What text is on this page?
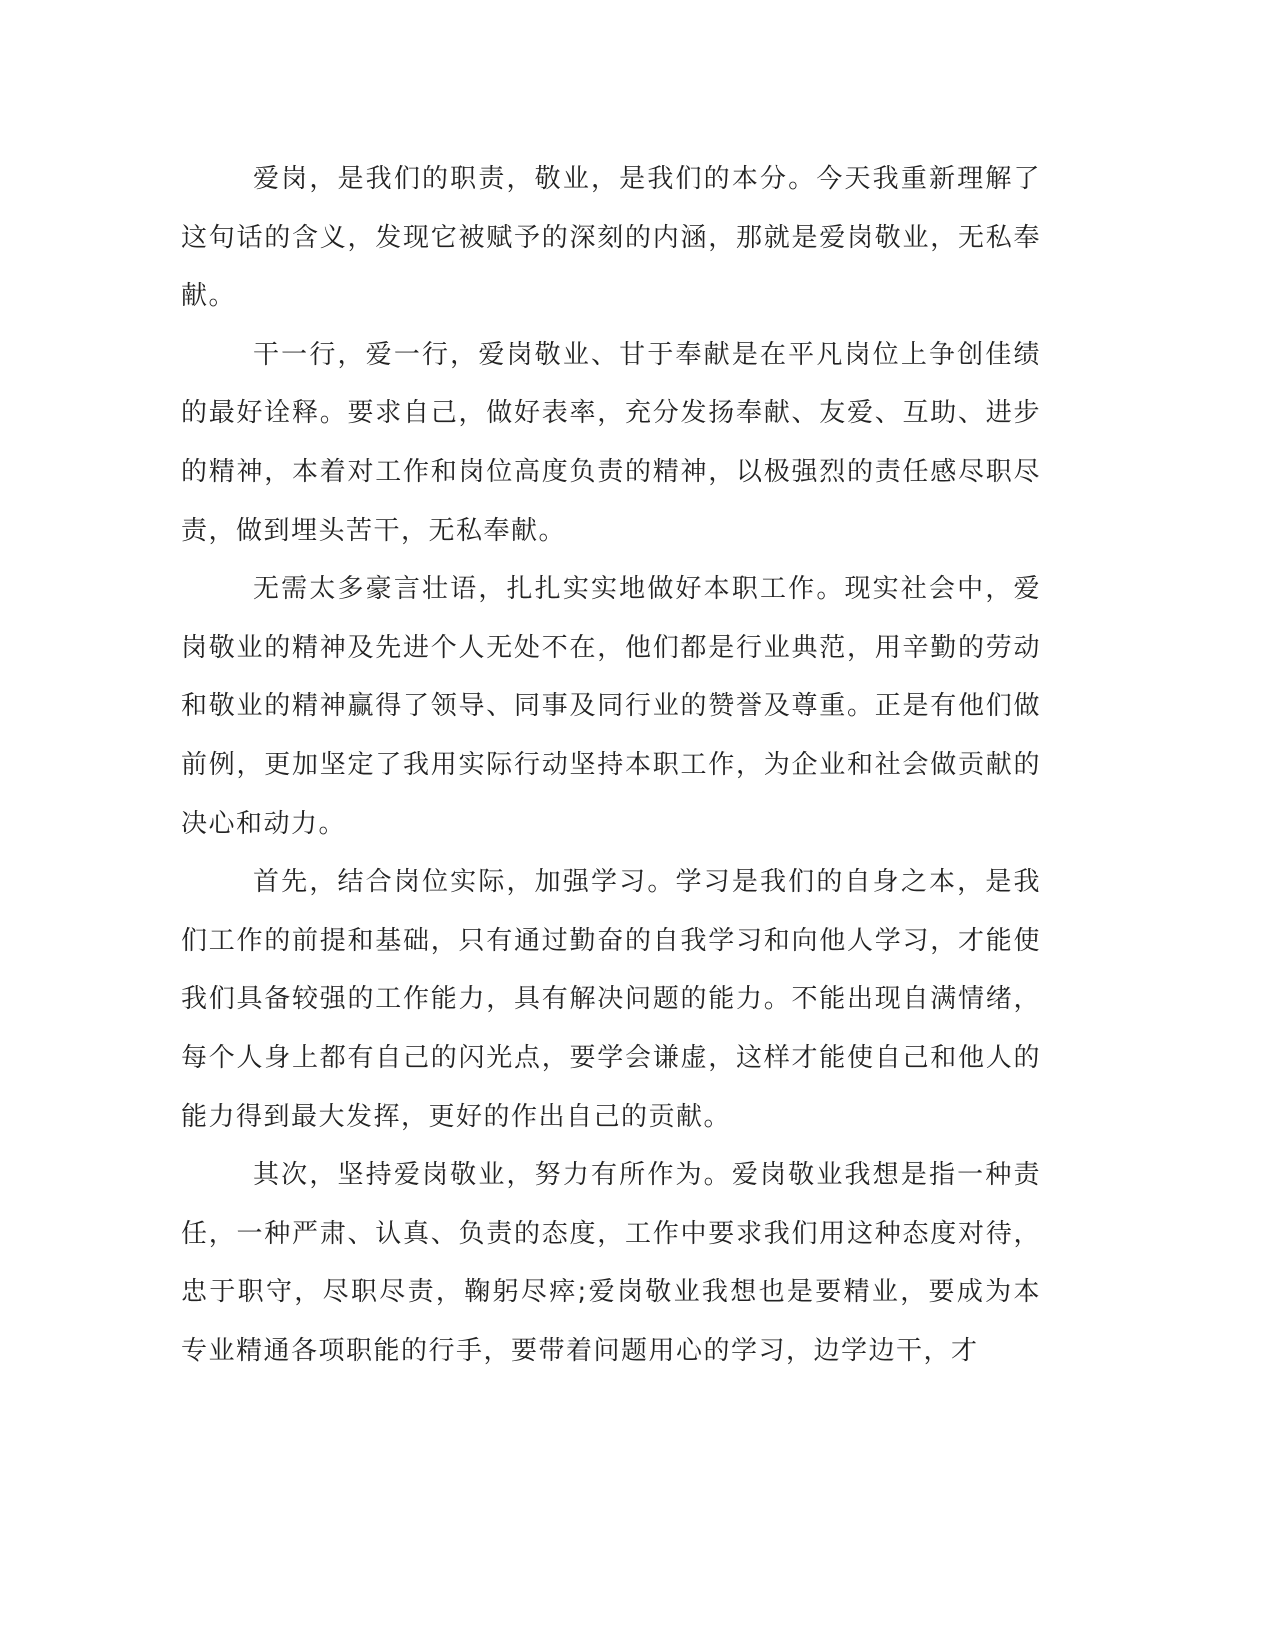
爱岗，是我们的职责，敬业，是我们的本分。今天我重新理解了这句话的含义，发现它被赋予的深刻的内涵，那就是爱岗敬业，无私奉献。

干一行，爱一行，爱岗敬业、甘于奉献是在平凡岗位上争创佳绩的最好诠释。要求自己，做好表率，充分发扬奉献、友爱、互助、进步的精神，本着对工作和岗位高度负责的精神，以极强烈的责任感尽职尽责，做到埋头苦干，无私奉献。

无需太多豪言壮语，扎扎实实地做好本职工作。现实社会中，爱岗敬业的精神及先进个人无处不在，他们都是行业典范，用辛勤的劳动和敬业的精神赢得了领导、同事及同行业的赞誉及尊重。正是有他们做前例，更加坚定了我用实际行动坚持本职工作，为企业和社会做贡献的决心和动力。

首先，结合岗位实际，加强学习。学习是我们的自身之本，是我们工作的前提和基础，只有通过勤奋的自我学习和向他人学习，才能使我们具备较强的工作能力，具有解决问题的能力。不能出现自满情绪，每个人身上都有自己的闪光点，要学会谦虚，这样才能使自己和他人的能力得到最大发挥，更好的作出自己的贡献。

其次，坚持爱岗敬业，努力有所作为。爱岗敬业我想是指一种责任，一种严肃、认真、负责的态度，工作中要求我们用这种态度对待，忠于职守，尽职尽责，鞠躬尽瘁;爱岗敬业我想也是要精业，要成为本专业精通各项职能的行手，要带着问题用心的学习，边学边干，才
